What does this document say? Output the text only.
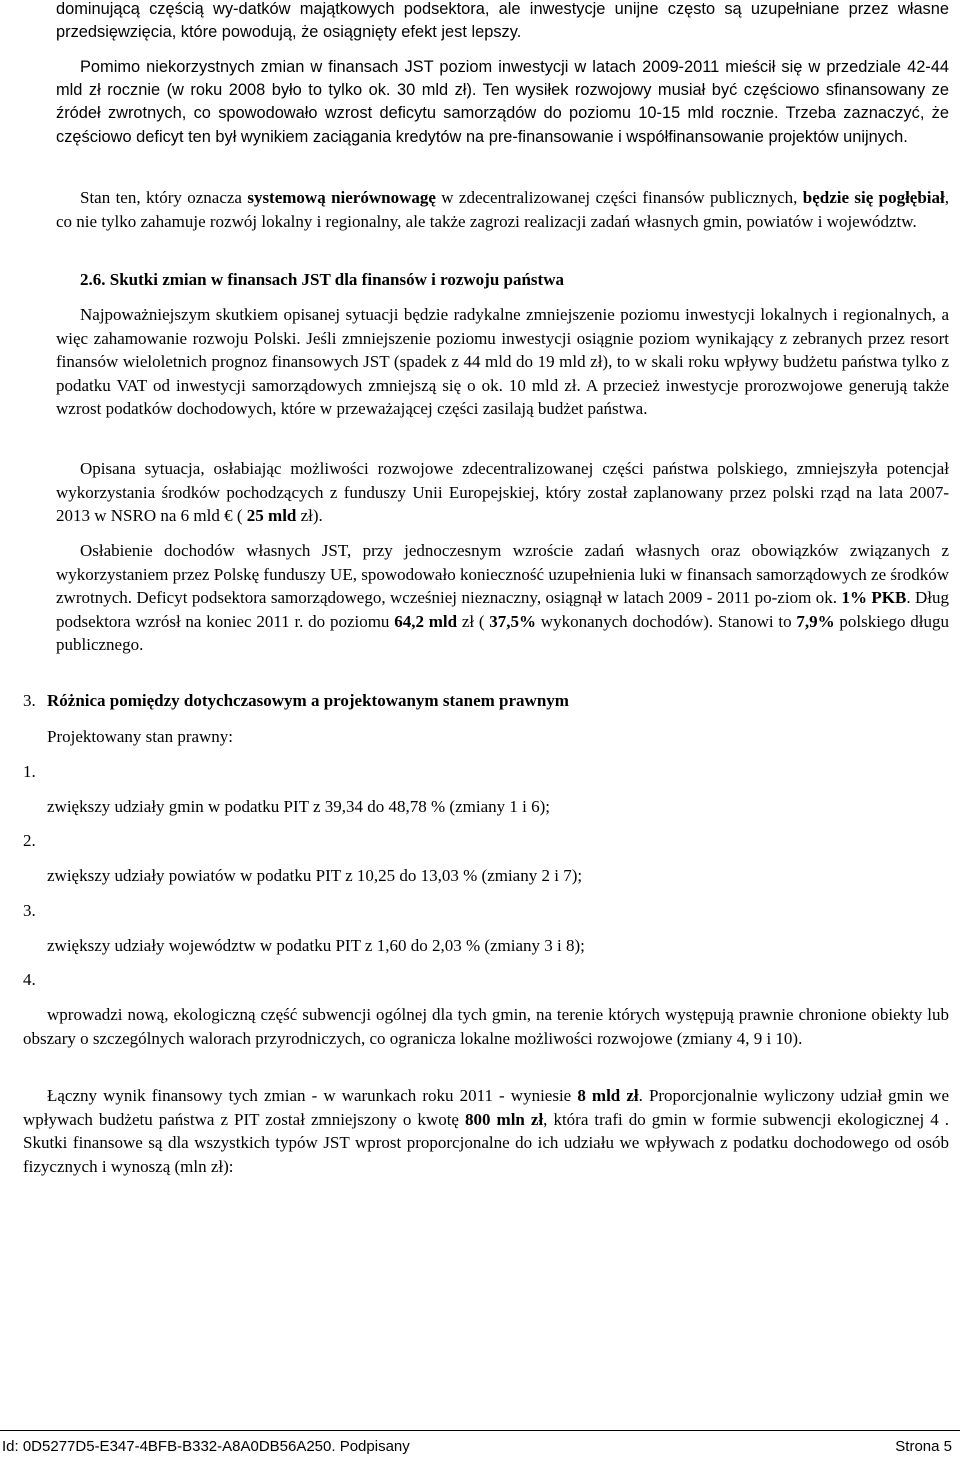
dominującą częścią wy-datków majątkowych podsektora, ale inwestycje unijne często są uzupełniane przez własne przedsięwzięcia, które powodują, że osiągnięty efekt jest lepszy.
Pomimo niekorzystnych zmian w finansach JST poziom inwestycji w latach 2009-2011 mieścił się w przedziale 42-44 mld zł rocznie (w roku 2008 było to tylko ok. 30 mld zł). Ten wysiłek rozwojowy musiał być częściowo sfinansowany ze źródeł zwrotnych, co spowodowało wzrost deficytu samorządów do poziomu 10-15 mld rocznie. Trzeba zaznaczyć, że częściowo deficyt ten był wynikiem zaciągania kredytów na pre-finansowanie i współfinansowanie projektów unijnych.
Stan ten, który oznacza systemową nierównowagę w zdecentralizowanej części finansów publicznych, będzie się pogłębiał, co nie tylko zahamuje rozwój lokalny i regionalny, ale także zagrozi realizacji zadań własnych gmin, powiatów i województw.
2.6. Skutki zmian w finansach JST dla finansów i rozwoju państwa
Najpoważniejszym skutkiem opisanej sytuacji będzie radykalne zmniejszenie poziomu inwestycji lokalnych i regionalnych, a więc zahamowanie rozwoju Polski. Jeśli zmniejszenie poziomu inwestycji osiągnie poziom wynikający z zebranych przez resort finansów wieloletnich prognoz finansowych JST (spadek z 44 mld do 19 mld zł), to w skali roku wpływy budżetu państwa tylko z podatku VAT od inwestycji samorządowych zmniejszą się o ok. 10 mld zł. A przecież inwestycje prorozwojowe generują także wzrost podatków dochodowych, które w przeważającej części zasilają budżet państwa.
Opisana sytuacja, osłabiając możliwości rozwojowe zdecentralizowanej części państwa polskiego, zmniejszyła potencjał wykorzystania środków pochodzących z funduszy Unii Europejskiej, który został zaplanowany przez polski rząd na lata 2007-2013 w NSRO na 6 mld € ( 25 mld zł).
Osłabienie dochodów własnych JST, przy jednoczesnym wzroście zadań własnych oraz obowiązków związanych z wykorzystaniem przez Polskę funduszy UE, spowodowało konieczność uzupełnienia luki w finansach samorządowych ze środków zwrotnych. Deficyt podsektora samorządowego, wcześniej nieznaczny, osiągnął w latach 2009 - 2011 po-ziom ok. 1% PKB. Dług podsektora wzrósł na koniec 2011 r. do poziomu 64,2 mld zł ( 37,5% wykonanych dochodów). Stanowi to 7,9% polskiego długu publicznego.
3. Różnica pomiędzy dotychczasowym a projektowanym stanem prawnym
Projektowany stan prawny:
1.
zwiększy udziały gmin w podatku PIT z 39,34 do 48,78 % (zmiany 1 i 6);
2.
zwiększy udziały powiatów w podatku PIT z 10,25 do 13,03 % (zmiany 2 i 7);
3.
zwiększy udziały województw w podatku PIT z 1,60 do 2,03 % (zmiany 3 i 8);
4.
wprowadzi nową, ekologiczną część subwencji ogólnej dla tych gmin, na terenie których występują prawnie chronione obiekty lub obszary o szczególnych walorach przyrodniczych, co ogranicza lokalne możliwości rozwojowe (zmiany 4, 9 i 10).
Łączny wynik finansowy tych zmian - w warunkach roku 2011 - wyniesie 8 mld zł. Proporcjonalnie wyliczony udział gmin we wpływach budżetu państwa z PIT został zmniejszony o kwotę 800 mln zł, która trafi do gmin w formie subwencji ekologicznej 4 . Skutki finansowe są dla wszystkich typów JST wprost proporcjonalne do ich udziału we wpływach z podatku dochodowego od osób fizycznych i wynoszą (mln zł):
Id: 0D5277D5-E347-4BFB-B332-A8A0DB56A250. Podpisany	Strona 5
